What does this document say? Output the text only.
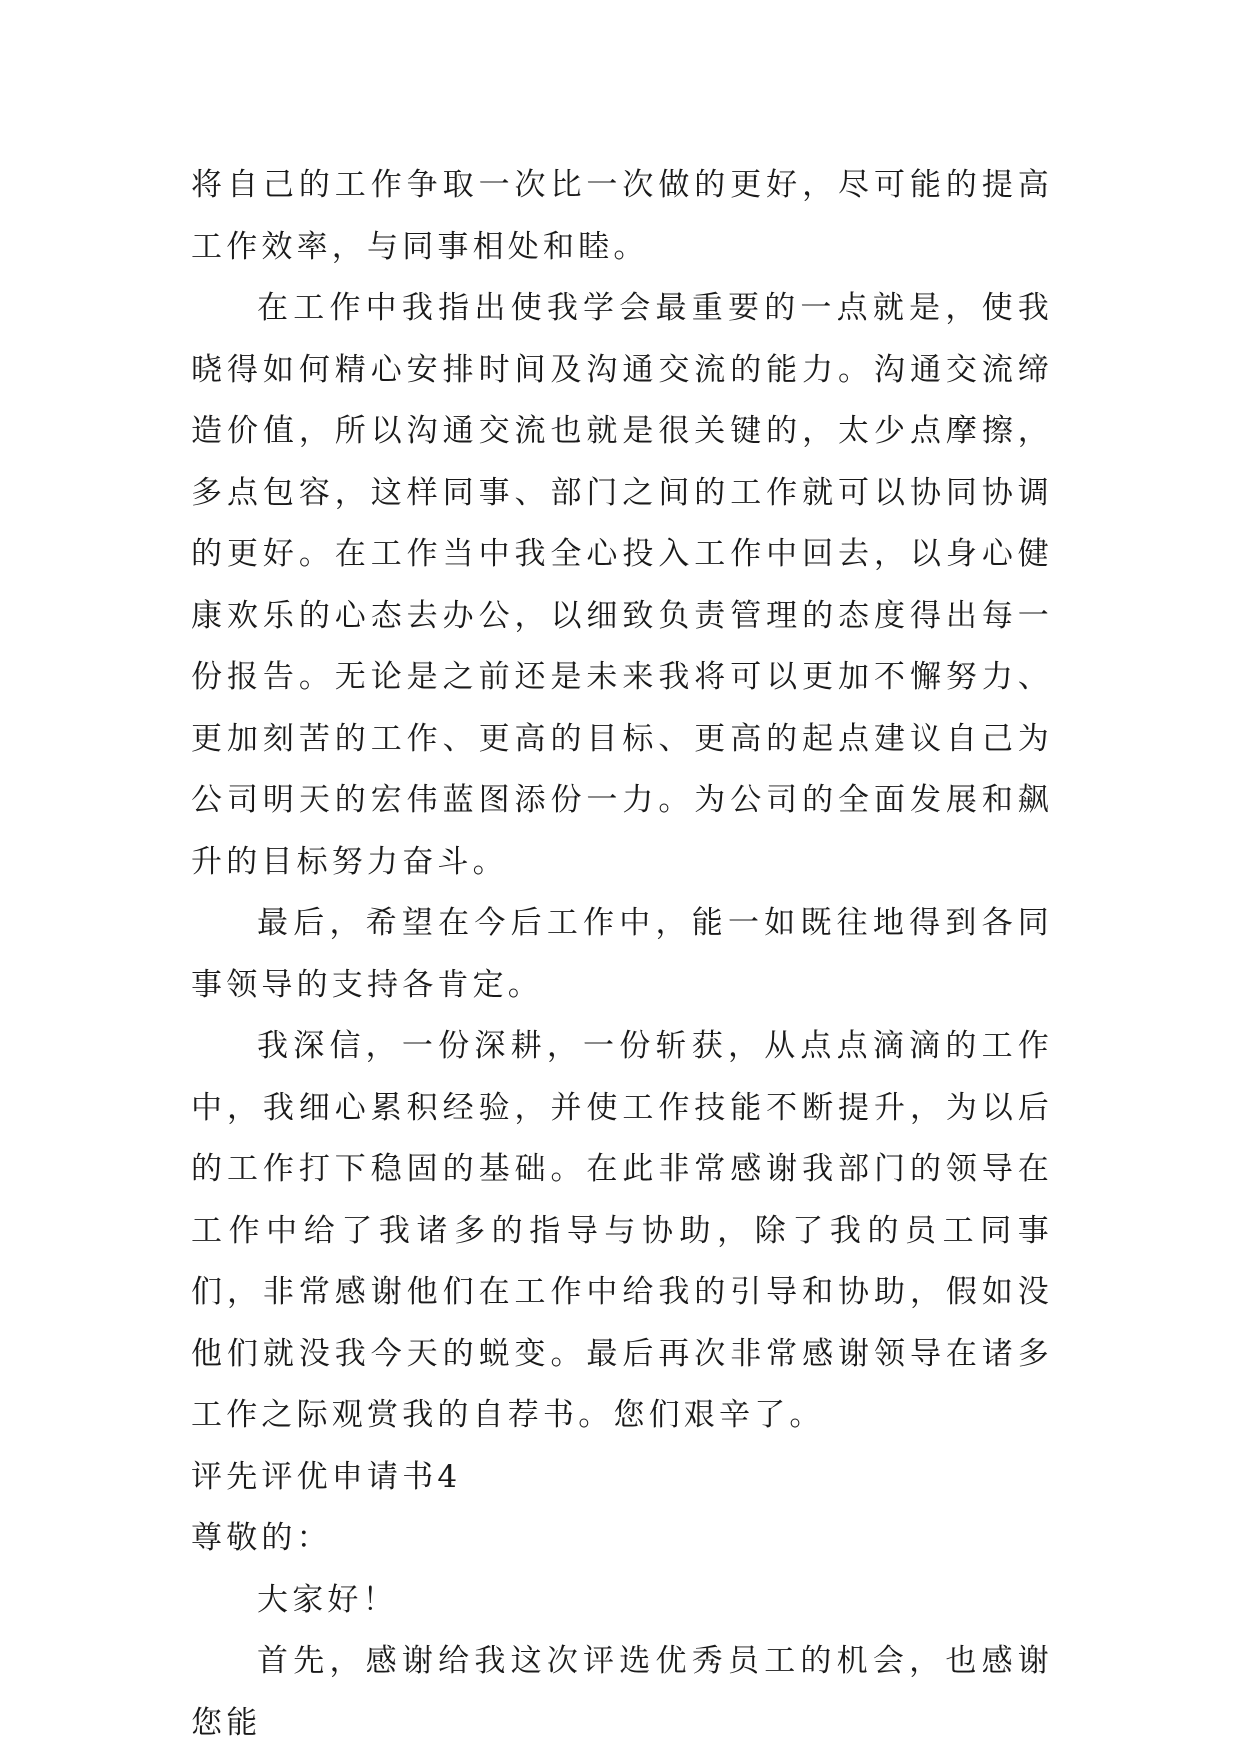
将自己的工作争取一次比一次做的更好，尽可能的提高工作效率，与同事相处和睦。

在工作中我指出使我学会最重要的一点就是，使我晓得如何精心安排时间及沟通交流的能力。沟通交流缔造价值，所以沟通交流也就是很关键的，太少点摩擦，多点包容，这样同事、部门之间的工作就可以协同协调的更好。在工作当中我全心投入工作中回去，以身心健康欢乐的心态去办公，以细致负责管理的态度得出每一份报告。无论是之前还是未来我将可以更加不懈努力、更加刻苦的工作、更高的目标、更高的起点建议自己为公司明天的宏伟蓝图添份一力。为公司的全面发展和飙升的目标努力奋斗。

最后，希望在今后工作中，能一如既往地得到各同事领导的支持各肯定。

我深信，一份深耕，一份斩获，从点点滴滴的工作中，我细心累积经验，并使工作技能不断提升，为以后的工作打下稳固的基础。在此非常感谢我部门的领导在工作中给了我诸多的指导与协助，除了我的员工同事们，非常感谢他们在工作中给我的引导和协助，假如没他们就没我今天的蜕变。最后再次非常感谢领导在诸多工作之际观赏我的自荐书。您们艰辛了。

评先评优申请书4

尊敬的：

大家好！

首先，感谢给我这次评选优秀员工的机会，也感谢您能
